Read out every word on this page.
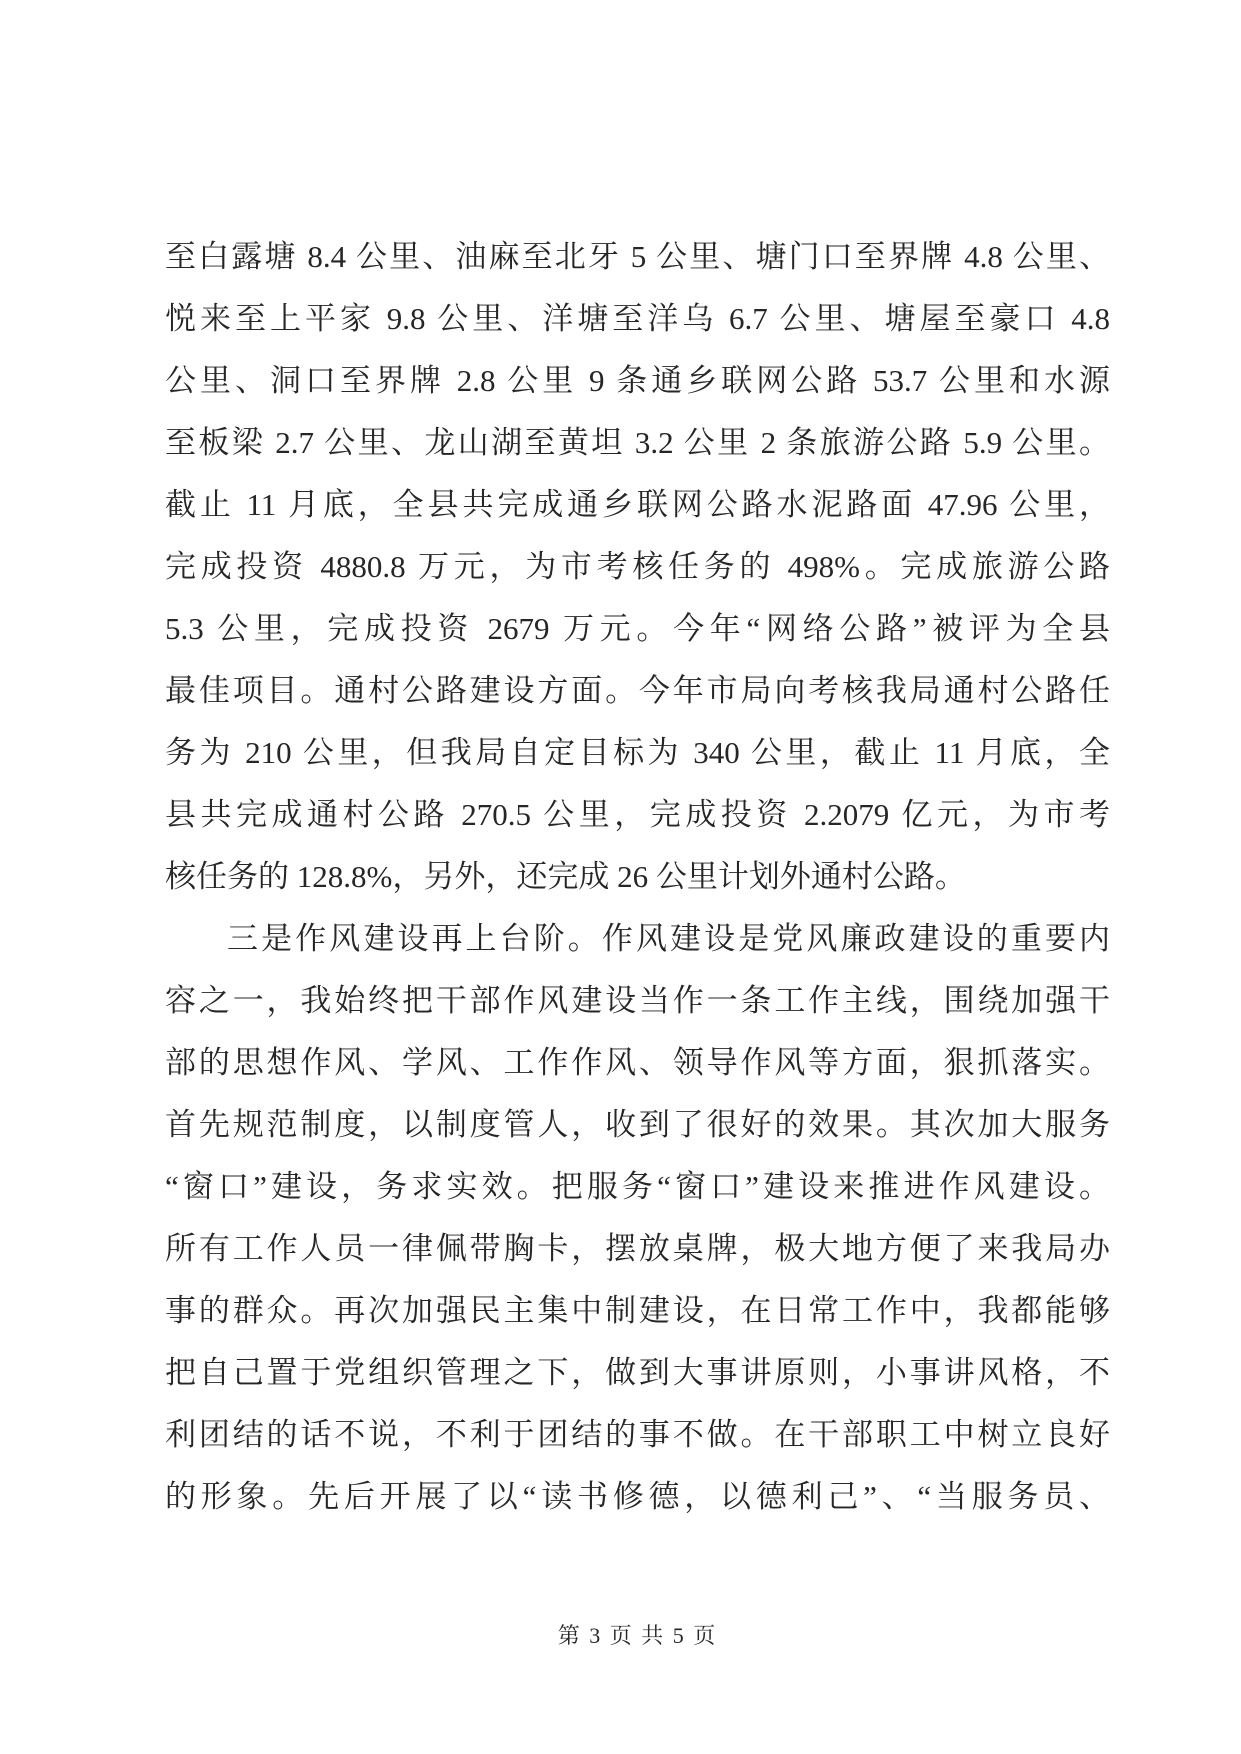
至白露塘 8.4 公里、油麻至北牙 5 公里、塘门口至界牌 4.8 公里、
悦来至上平家 9.8 公里、洋塘至洋乌 6.7 公里、塘屋至豪口 4.8
公里、洞口至界牌 2.8 公里 9 条通乡联网公路 53.7 公里和水源
至板梁 2.7 公里、龙山湖至黄坦 3.2 公里 2 条旅游公路 5.9 公里。
截止 11 月底，全县共完成通乡联网公路水泥路面 47.96 公里，
完成投资 4880.8 万元，为市考核任务的 498%。完成旅游公路
5.3 公里，完成投资 2679 万元。今年“网络公路”被评为全县
最佳项目。通村公路建设方面。今年市局向考核我局通村公路任
务为 210 公里，但我局自定目标为 340 公里，截止 11 月底，全
县共完成通村公路 270.5 公里，完成投资 2.2079 亿元，为市考
核任务的 128.8%，另外，还完成 26 公里计划外通村公路。
三是作风建设再上台阶。作风建设是党风廉政建设的重要内
容之一，我始终把干部作风建设当作一条工作主线，围绕加强干
部的思想作风、学风、工作作风、领导作风等方面，狠抓落实。
首先规范制度，以制度管人，收到了很好的效果。其次加大服务
“窗口”建设，务求实效。把服务“窗口”建设来推进作风建设。
所有工作人员一律佩带胸卡，摆放桌牌，极大地方便了来我局办
事的群众。再次加强民主集中制建设，在日常工作中，我都能够
把自己置于党组织管理之下，做到大事讲原则，小事讲风格，不
利团结的话不说，不利于团结的事不做。在干部职工中树立良好
的形象。先后开展了以“读书修德，以德利己”、“当服务员、
第 3 页 共 5 页
